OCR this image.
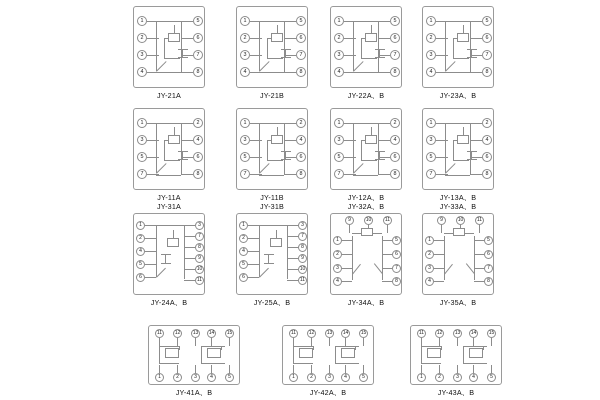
1
2
3
4
5
6
7
8
JY-21A
1
2
3
4
5
6
7
8
JY-21B
1
2
3
4
5
6
7
8
JY-22A、B
1
2
3
4
5
6
7
8
JY-23A、B
1
3
5
7
2
4
6
8
JY-11A
JY-31A
1
3
5
7
2
4
6
8
JY-11B
JY-31B
1
3
5
7
2
4
6
8
JY-12A、B
JY-32A、B
1
3
5
7
2
4
6
8
JY-13A、B
JY-33A、B
1
2
4
5
6
3
7
8
9
10
11
JY-24A、B
1
2
4
5
6
3
7
8
9
10
11
JY-25A、B
9	10	11
1
2
3
4
5
6
7
8
JY-34A、B
9	10	11
1
2
3
4
5
6
7
8
JY-35A、B
11	12	13	14	15
1	2	3	4	5
JY-41A、B
11	12	13	14	15
1	2	3	4	5
JY-42A、B
11	12	13	14	15
1	2	3	4	5
JY-43A、B
